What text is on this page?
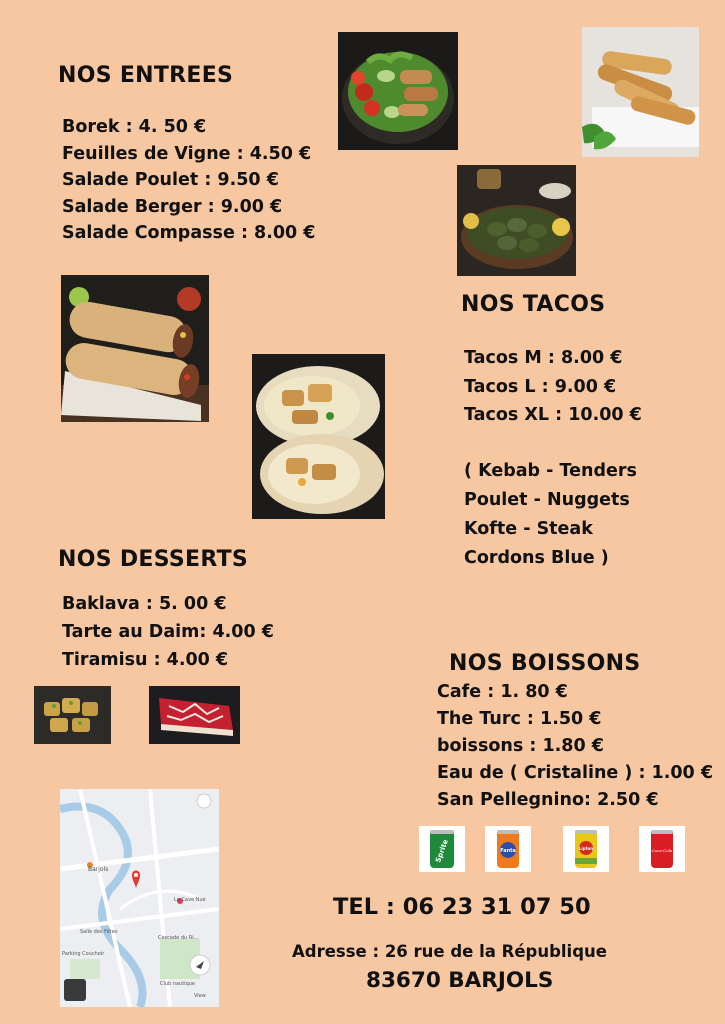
NOS ENTREES
Borek : 4. 50 €
Feuilles de Vigne : 4.50 €
Salade Poulet : 9.50 €
Salade Berger : 9.00 €
Salade Compasse : 8.00 €
NOS TACOS
Tacos M : 8.00 €
Tacos L : 9.00 €
Tacos XL : 10.00 €
( Kebab - Tenders
Poulet - Nuggets
Kofte - Steak
Cordons Blue )
NOS DESSERTS
Baklava : 5. 00 €
Tarte au Daim: 4.00 €
Tiramisu : 4.00 €	NOS BOISSONS
Cafe : 1. 80 €
The Turc : 1.50 €
boissons : 1.80 €
Eau de ( Cristaline ) : 1.00 €
San Pellegnino: 2.50 €
Sprite	Fanta	Lipton	Coca-Cola
Barjols
La Cave Nue
Salle des Fêtes
Parking Couchoir
Cascade du Ri...
Club nautique
View
TEL : 06 23 31 07 50
Adresse : 26 rue de la République
83670 BARJOLS
